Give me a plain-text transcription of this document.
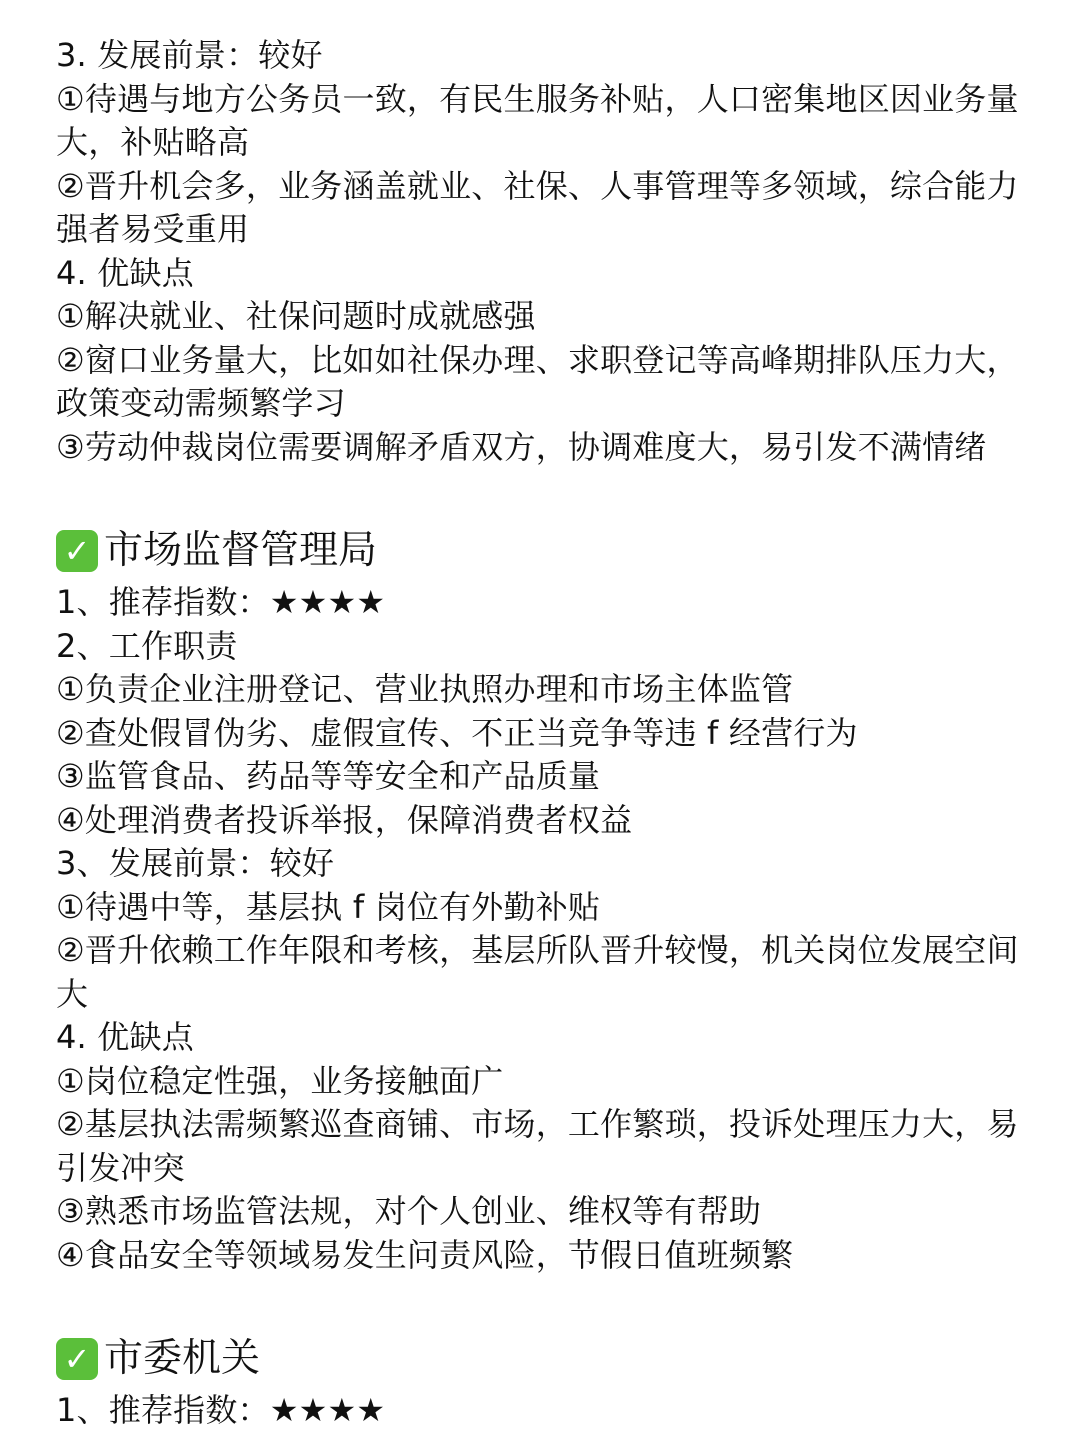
3. 发展前景：较好
①待遇与地方公务员一致，有民生服务补贴，人口密集地区因业务量
大，补贴略高
②晋升机会多，业务涵盖就业、社保、人事管理等多领域，综合能力
强者易受重用
4. 优缺点
①解决就业、社保问题时成就感强
②窗口业务量大，比如如社保办理、求职登记等高峰期排队压力大，
政策变动需频繁学习
③劳动仲裁岗位需要调解矛盾双方，协调难度大，易引发不满情绪
✓ 市场监督管理局
1、推荐指数：★★★★
2、工作职责
①负责企业注册登记、营业执照办理和市场主体监管
②查处假冒伪劣、虚假宣传、不正当竞争等违 f 经营行为
③监管食品、药品等等安全和产品质量
④处理消费者投诉举报，保障消费者权益
3、发展前景：较好
①待遇中等，基层执 f 岗位有外勤补贴
②晋升依赖工作年限和考核，基层所队晋升较慢，机关岗位发展空间
大
4. 优缺点
①岗位稳定性强，业务接触面广
②基层执法需频繁巡查商铺、市场，工作繁琐，投诉处理压力大，易
引发冲突
③熟悉市场监管法规，对个人创业、维权等有帮助
④食品安全等领域易发生问责风险，节假日值班频繁
✓ 市委机关
1、推荐指数：★★★★
